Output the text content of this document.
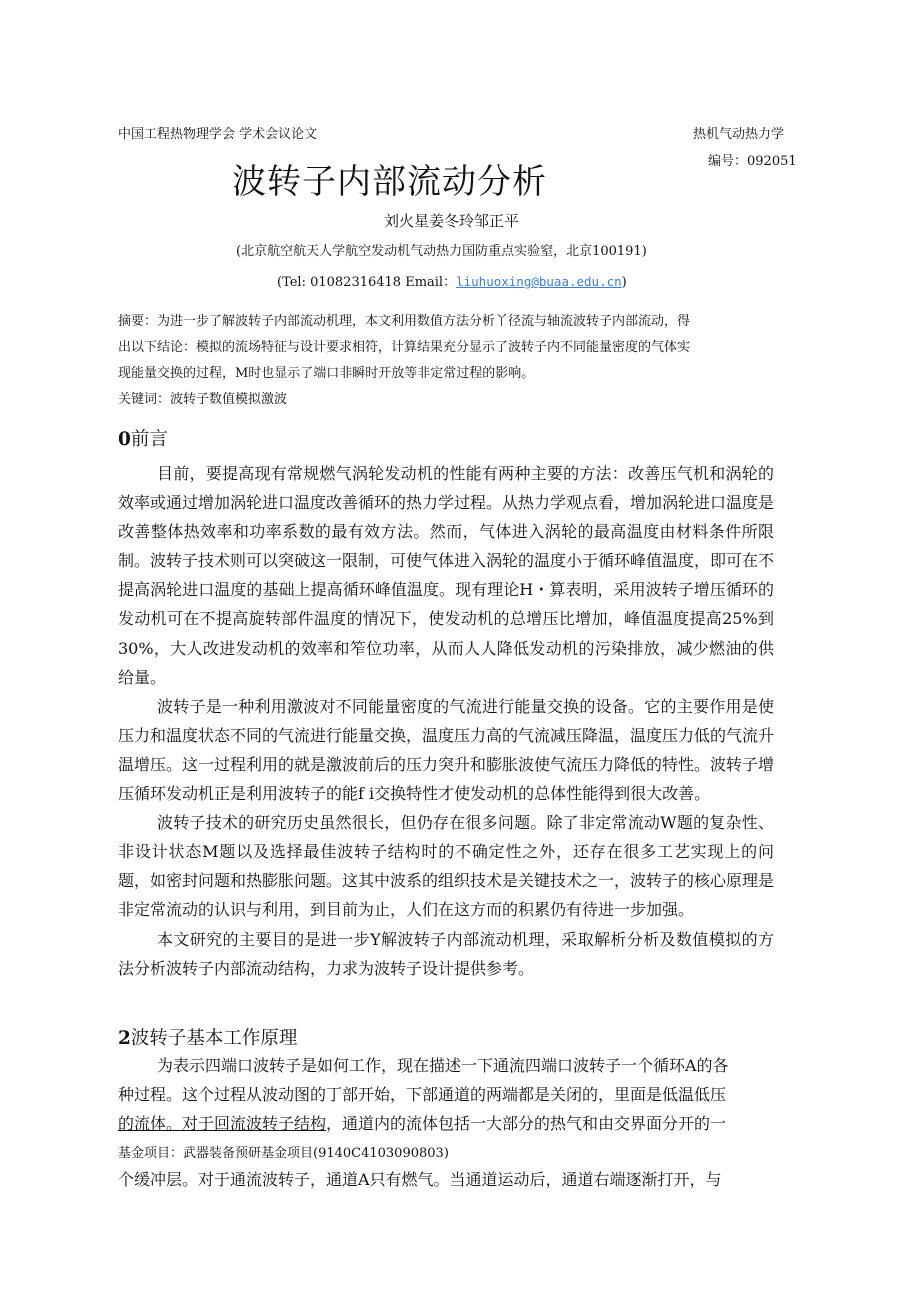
中国工程热物理学会 学术会议论文	热机气动热力学
编号：092051
波转子内部流动分析
刘火星姜冬玲邹正平
(北京航空航天人学航空发动机气动热力国防重点实验窒，北京100191)
(Tel: 01082316418 Email：liuhuoxing@buaa.edu.cn)
摘要：为进一步了解波转子内部流动机理，本文利用数值方法分析丫径流与轴流波转子内部流动，得
出以下结论：模拟的流场特征与设计要求相符，计算结果充分显示了波转子内不同能量密度的气体实
现能量交换的过程，M时也显示了端口非瞬时开放等非定常过程的影响。
关键词：波转子数值模拟激波
0前言
目前，要提高现有常规燃气涡轮发动机的性能有两种主要的方法：改善压气机和涡轮的效率或通过增加涡轮进口温度改善循环的热力学过程。从热力学观点看，增加涡轮进口温度是改善整体热效率和功率系数的最有效方法。然而，气体进入涡轮的最高温度由材料条件所限制。波转子技术则可以突破这一限制，可使气体进入涡轮的温度小于循环峰值温度，即可在不提高涡轮进口温度的基础上提高循环峰值温度。现有理论H・算表明，采用波转子增压循环的发动机可在不提高旋转部件温度的情况下，使发动机的总增压比增加，峰值温度提高25%到30%，大人改进发动机的效率和笮位功率，从而人人降低发动机的污染排放，减少燃油的供给量。
波转子是一种利用激波对不同能量密度的气流进行能量交换的设备。它的主要作用是使压力和温度状态不同的气流进行能量交换，温度压力高的气流减压降温，温度压力低的气流升温增压。这一过程利用的就是激波前后的压力突升和膨胀波使气流压力降低的特性。波转子增压循环发动机正是利用波转子的能f i交换特性才使发动机的总体性能得到很大改善。
波转子技术的研究历史虽然很长，但仍存在很多问题。除了非定常流动W题的复杂性、非设计状态M题以及选择最佳波转子结构时的不确定性之外，还存在很多工艺实现上的问题，如密封问题和热膨胀问题。这其中波系的组织技术是关键技术之一，波转子的核心原理是非定常流动的认识与利用，到目前为止，人们在这方而的积累仍有待进一步加强。
本文研究的主要目的是进一步Y解波转子内部流动机理，采取解析分析及数值模拟的方法分析波转子内部流动结构，力求为波转子设计提供参考。
2波转子基本工作原理
为表示四端口波转子是如何工作，现在描述一下通流四端口波转子一个循环A的各
种过程。这个过程从波动图的丁部开始，下部通道的两端都是关闭的，里面是低温低压
的流体。对于回流波转子结构，通道内的流体包括一大部分的热气和由交界面分开的一
基金项目：武器装备预研基金项目(9140C4103090803)
个缓冲层。对于通流波转子，通道A只有燃气。当通道运动后，通道右端逐渐打开，与
